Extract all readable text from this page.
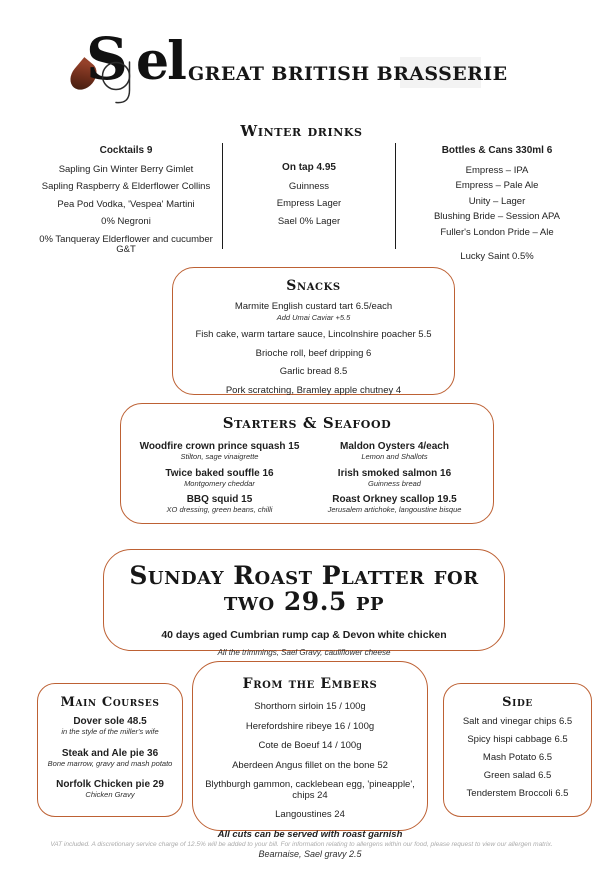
S el GREAT BRITISH BRASSERIE
Winter drinks
Cocktails 9
Sapling Gin Winter Berry Gimlet
Sapling Raspberry & Elderflower Collins
Pea Pod Vodka, 'Vespea' Martini
0% Negroni
0% Tanqueray Elderflower and cucumber G&T
On tap 4.95
Guinness
Empress Lager
Sael 0% Lager
Bottles & Cans 330ml 6
Empress – IPA
Empress – Pale Ale
Unity – Lager
Blushing Bride – Session APA
Fuller's London Pride – Ale
Lucky Saint 0.5%
Snacks
Marmite English custard tart 6.5/each
Add Umai Caviar +5.5
Fish cake, warm tartare sauce, Lincolnshire poacher 5.5
Brioche roll, beef dripping 6
Garlic bread 8.5
Pork scratching, Bramley apple chutney 4
Starters & Seafood
Woodfire crown prince squash 15
Stilton, sage vinaigrette
Maldon Oysters 4/each
Lemon and Shallots
Twice baked souffle 16
Montgomery cheddar
Irish smoked salmon 16
Guinness bread
BBQ squid 15
XO dressing, green beans, chilli
Roast Orkney scallop 19.5
Jerusalem artichoke, langoustine bisque
Sunday Roast Platter for two 29.5 pp
40 days aged Cumbrian rump cap & Devon white chicken
All the trimmings, Sael Gravy, cauliflower cheese
Main Courses
Dover sole 48.5
in the style of the miller's wife
Steak and Ale pie 36
Bone marrow, gravy and mash potato
Norfolk Chicken pie 29
Chicken Gravy
From the Embers
Shorthorn sirloin 15 / 100g
Herefordshire ribeye 16 / 100g
Cote de Boeuf 14 / 100g
Aberdeen Angus fillet on the bone 52
Blythburgh gammon, cacklebean egg, 'pineapple', chips 24
Langoustines 24
All cuts can be served with roast garnish
Bearnaise, Sael gravy 2.5
Side
Salt and vinegar chips 6.5
Spicy hispi cabbage 6.5
Mash Potato 6.5
Green salad 6.5
Tenderstem Broccoli 6.5
VAT included. A discretionary service charge of 12.5% will be added to your bill. For information relating to allergens within our food, please request to view our allergen matrix.
